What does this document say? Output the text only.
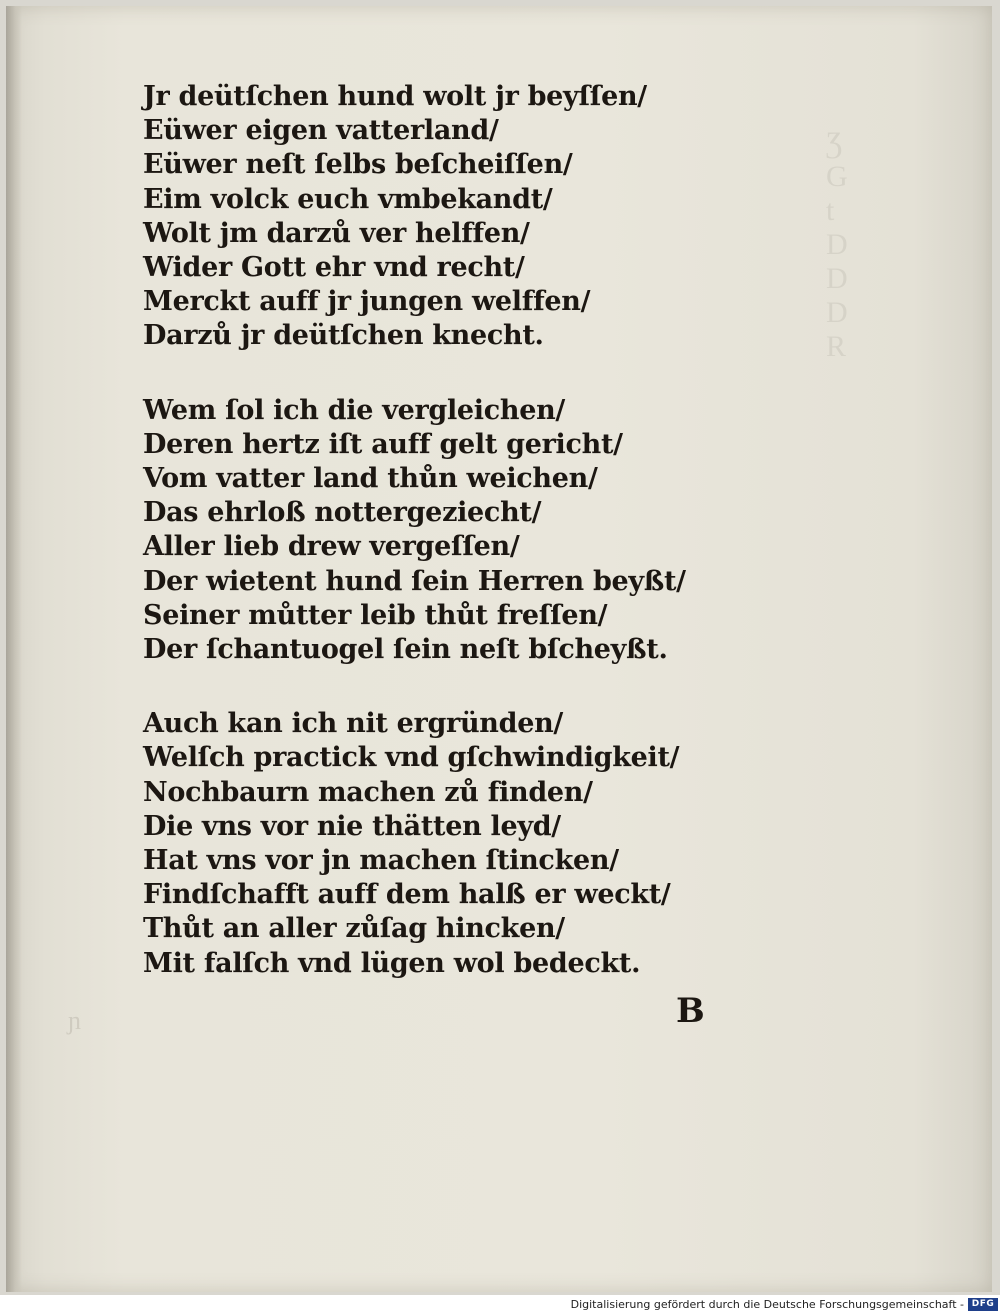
Ʒ
G
t
D
D
D
R
ɲ
Jr deütſchen hund wolt jr beyſſen/
Eüwer eigen vatterland/
Eüwer neſt ſelbs beſcheiſſen/
Eim volck euch vmbekandt/
Wolt jm darzů ver helffen/
Wider Gott ehr vnd recht/
Merckt auff jr jungen welffen/
Darzů jr deütſchen knecht.
Wem ſol ich die vergleichen/
Deren hertz iſt auff gelt gericht/
Vom vatter land thůn weichen/
Das ehrloß nottergeziecht/
Aller lieb drew vergeſſen/
Der wietent hund ſein Herren beyßt/
Seiner můtter leib thůt freſſen/
Der ſchantuogel ſein neſt bſcheyßt.
Auch kan ich nit ergründen/
Welſch practick vnd gſchwindigkeit/
Nochbaurn machen zů finden/
Die vns vor nie thätten leyd/
Hat vns vor jn machen ſtincken/
Findſchafft auff dem halß er weckt/
Thůt an aller zůſag hincken/
Mit falſch vnd lügen wol bedeckt.
B
Digitalisierung gefördert durch die Deutsche Forschungsgemeinschaft - DFG
